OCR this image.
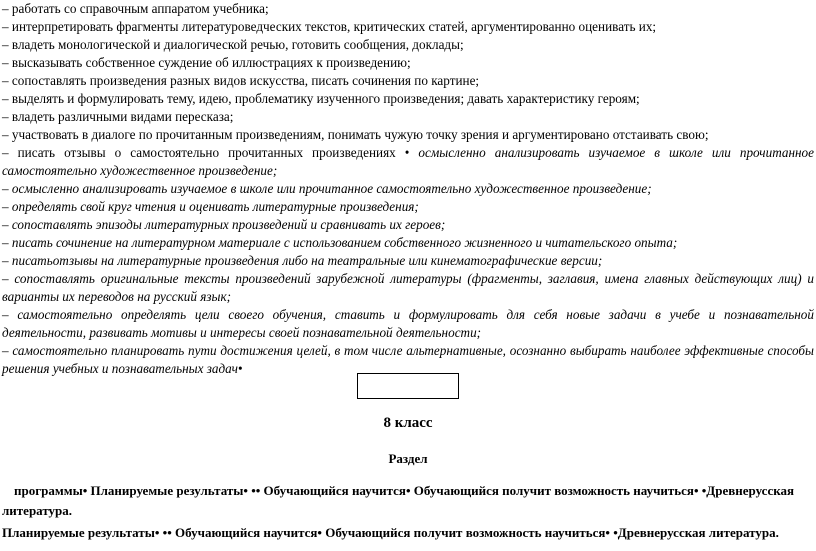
– работать со справочным аппаратом учебника;
– интерпретировать фрагменты литературоведческих текстов, критических статей, аргументированно оценивать их;
– владеть монологической и диалогической речью, готовить сообщения, доклады;
– высказывать собственное суждение об иллюстрациях к произведению;
– сопоставлять произведения разных видов искусства, писать сочинения по картине;
– выделять и формулировать тему, идею, проблематику изученного произведения; давать характеристику героям;
– владеть различными видами пересказа;
– участвовать в диалоге по прочитанным произведениям, понимать чужую точку зрения и аргументировано отстаивать свою;
– писать отзывы о самостоятельно прочитанных произведениях • осмысленно анализировать изучаемое в школе или прочитанное самостоятельно художественное произведение;
– осмысленно анализировать изучаемое в школе или прочитанное самостоятельно художественное произведение;
– определять свой круг чтения и оценивать литературные произведения;
– сопоставлять эпизоды литературных произведений и сравнивать их героев;
– писать сочинение на литературном материале с использованием собственного жизненного и читательского опыта;
– писатьотзывы на литературные произведения либо на театральные или кинематографические версии;
– сопоставлять оригинальные тексты произведений зарубежной литературы (фрагменты, заглавия, имена главных действующих лиц) и варианты их переводов на русский язык;
– самостоятельно определять цели своего обучения, ставить и формулировать для себя новые задачи в учебе и познавательной деятельности, развивать мотивы и интересы своей познавательной деятельности;
– самостоятельно планировать пути достижения целей, в том числе альтернативные, осознанно выбирать наиболее эффективные способы решения учебных и познавательных задач•
8 класс
Раздел
программы• Планируемые результаты• •• Обучающийся научится• Обучающийся получит возможность научиться• •Древнерусская литература.
Планируемые результаты• •• Обучающийся научится• Обучающийся получит возможность научиться• •Древнерусская литература.
